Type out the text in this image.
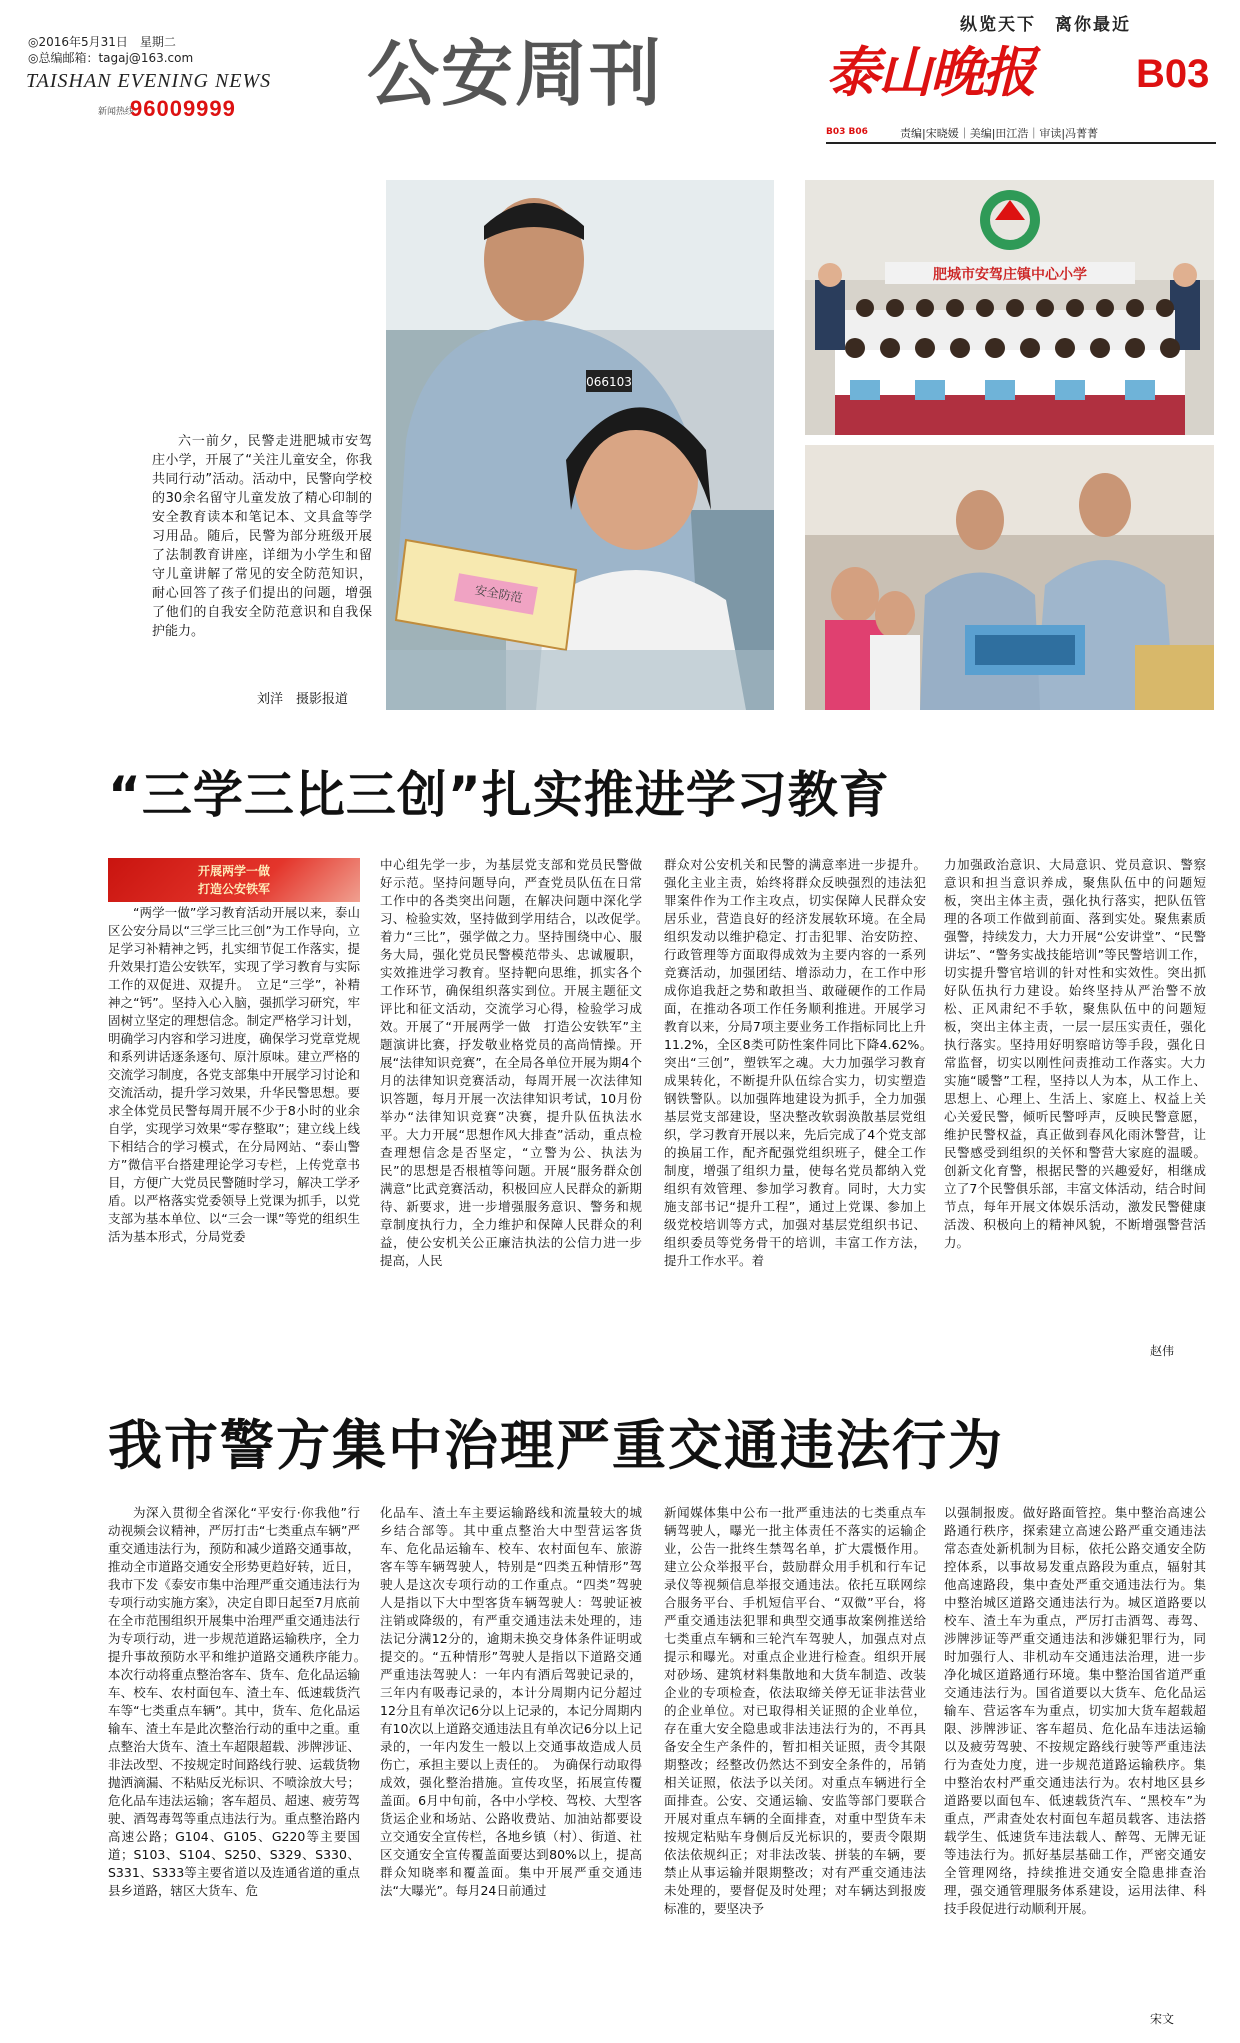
◎2016年5月31日　星期二
◎总编邮箱：tagaj@163.com
TAISHAN EVENING NEWS
新闻热线
96009999 公安周刊
纵览天下　离你最近
泰山晚报	B03
B03 B06	责编|宋晓媛｜美编|田江浩｜审读|冯菁菁
066103
安全防范
肥城市安驾庄镇中心小学
六一前夕，民警走进肥城市安驾庄小学，开展了“关注儿童安全，你我共同行动”活动。活动中，民警向学校的30余名留守儿童发放了精心印制的安全教育读本和笔记本、文具盒等学习用品。随后，民警为部分班级开展了法制教育讲座，详细为小学生和留守儿童讲解了常见的安全防范知识，耐心回答了孩子们提出的问题，增强了他们的自我安全防范意识和自我保护能力。
刘洋　摄影报道
“三学三比三创”扎实推进学习教育
开展两学一做
打造公安铁军

“两学一做”学习教育活动开展以来，泰山区公安分局以“三学三比三创”为工作导向，立足学习补精神之钙，扎实细节促工作落实，提升效果打造公安铁军，实现了学习教育与实际工作的双促进、双提升。　立足“三学”，补精神之“钙”。坚持入心入脑，强抓学习研究，牢固树立坚定的理想信念。制定严格学习计划，明确学习内容和学习进度，确保学习党章党规和系列讲话逐条逐句、原汁原味。建立严格的交流学习制度，各党支部集中开展学习讨论和交流活动，提升学习效果，升华民警思想。要求全体党员民警每周开展不少于8小时的业余自学，实现学习效果“零存整取”；建立线上线下相结合的学习模式，在分局网站、“泰山警方”微信平台搭建理论学习专栏，上传党章书目，方便广大党员民警随时学习，解决工学矛盾。以严格落实党委领导上党课为抓手，以党支部为基本单位、以“三会一课”等党的组织生活为基本形式，分局党委

中心组先学一步，为基层党支部和党员民警做好示范。坚持问题导向，严查党员队伍在日常工作中的各类突出问题，在解决问题中深化学习、检验实效，坚持做到学用结合，以改促学。　着力“三比”，强学做之力。坚持围绕中心、服务大局，强化党员民警模范带头、忠诚履职，实效推进学习教育。坚持靶向思维，抓实各个工作环节，确保组织落实到位。开展主题征文评比和征文活动，交流学习心得，检验学习成效。开展了“开展两学一做　打造公安铁军”主题演讲比赛，抒发敬业格党员的高尚情操。开展“法律知识竞赛”，在全局各单位开展为期4个月的法律知识竞赛活动，每周开展一次法律知识答题，每月开展一次法律知识考试，10月份举办“法律知识竞赛”决赛，提升队伍执法水平。大力开展“思想作风大排查”活动，重点检查理想信念是否坚定，“立警为公、执法为民”的思想是否根植等问题。开展“服务群众创满意”比武竞赛活动，积极回应人民群众的新期待、新要求，进一步增强服务意识、警务和规章制度执行力，全力维护和保障人民群众的利益，使公安机关公正廉洁执法的公信力进一步提高，人民

群众对公安机关和民警的满意率进一步提升。强化主业主责，始终将群众反映强烈的违法犯罪案件作为工作主攻点，切实保障人民群众安居乐业，营造良好的经济发展软环境。在全局组织发动以维护稳定、打击犯罪、治安防控、行政管理等方面取得成效为主要内容的一系列竞赛活动，加强团结、增添动力，在工作中形成你追我赶之势和敢担当、敢碰硬作的工作局面，在推动各项工作任务顺利推进。开展学习教育以来，分局7项主要业务工作指标同比上升11.2%，全区8类可防性案件同比下降4.62%。　突出“三创”，塑铁军之魂。大力加强学习教育成果转化，不断提升队伍综合实力，切实塑造钢铁警队。以加强阵地建设为抓手，全力加强基层党支部建设，坚决整改软弱涣散基层党组织，学习教育开展以来，先后完成了4个党支部的换届工作，配齐配强党组织班子，健全工作制度，增强了组织力量，使每名党员都纳入党组织有效管理、参加学习教育。同时，大力实施支部书记“提升工程”，通过上党课、参加上级党校培训等方式，加强对基层党组织书记、组织委员等党务骨干的培训，丰富工作方法，提升工作水平。着

力加强政治意识、大局意识、党员意识、警察意识和担当意识养成，聚焦队伍中的问题短板，突出主体主责，强化执行落实，把队伍管理的各项工作做到前面、落到实处。聚焦素质强警，持续发力，大力开展“公安讲堂”、“民警讲坛”、“警务实战技能培训”等民警培训工作，切实提升警官培训的针对性和实效性。突出抓好队伍执行力建设。始终坚持从严治警不放松、正风肃纪不手软，聚焦队伍中的问题短板，突出主体主责，一层一层压实责任，强化执行落实。坚持用好明察暗访等手段，强化日常监督，切实以刚性问责推动工作落实。大力实施“暖警”工程，坚持以人为本，从工作上、思想上、心理上、生活上、家庭上、权益上关心关爱民警，倾听民警呼声，反映民警意愿，维护民警权益，真正做到春风化雨沐警营，让民警感受到组织的关怀和警营大家庭的温暖。创新文化育警，根据民警的兴趣爱好，相继成立了7个民警俱乐部，丰富文体活动，结合时间节点，每年开展文体娱乐活动，激发民警健康活泼、积极向上的精神风貌，不断增强警营活力。

赵伟
我市警方集中治理严重交通违法行为

为深入贯彻全省深化“平安行·你我他”行动视频会议精神，严厉打击“七类重点车辆”严重交通违法行为，预防和减少道路交通事故，推动全市道路交通安全形势更趋好转，近日，我市下发《泰安市集中治理严重交通违法行为专项行动实施方案》，决定自即日起至7月底前在全市范围组织开展集中治理严重交通违法行为专项行动，进一步规范道路运输秩序，全力提升事故预防水平和维护道路交通秩序能力。　本次行动将重点整治客车、货车、危化品运输车、校车、农村面包车、渣土车、低速载货汽车等“七类重点车辆”。其中，货车、危化品运输车、渣土车是此次整治行动的重中之重。重点整治大货车、渣土车超限超载、涉牌涉证、非法改型、不按规定时间路线行驶、运载货物抛洒滴漏、不粘贴反光标识、不喷涂放大号；危化品车违法运输；客车超员、超速、疲劳驾驶、酒驾毒驾等重点违法行为。重点整治路内高速公路；G104、G105、G220等主要国道；S103、S104、S250、S329、S330、S331、S333等主要省道以及连通省道的重点县乡道路，辖区大货车、危

化品车、渣土车主要运输路线和流量较大的城乡结合部等。其中重点整治大中型营运客货车、危化品运输车、校车、农村面包车、旅游客车等车辆驾驶人，特别是“四类五种情形”驾驶人是这次专项行动的工作重点。“四类”驾驶人是指以下大中型客货车辆驾驶人：驾驶证被注销或降级的，有严重交通违法未处理的，违法记分满12分的，逾期未换交身体条件证明或提交的。“五种情形”驾驶人是指以下道路交通严重违法驾驶人：一年内有酒后驾驶记录的，三年内有吸毒记录的，本计分周期内记分超过12分且有单次记6分以上记录的，本记分周期内有10次以上道路交通违法且有单次记6分以上记录的，一年内发生一般以上交通事故造成人员伤亡，承担主要以上责任的。　为确保行动取得成效，强化整治措施。宣传攻坚，拓展宣传覆盖面。6月中旬前，各中小学校、驾校、大型客货运企业和场站、公路收费站、加油站都要设立交通安全宣传栏，各地乡镇（村）、街道、社区交通安全宣传覆盖面要达到80%以上，提高群众知晓率和覆盖面。集中开展严重交通违法“大曝光”。每月24日前通过

新闻媒体集中公布一批严重违法的七类重点车辆驾驶人，曝光一批主体责任不落实的运输企业，公告一批终生禁驾名单，扩大震慑作用。建立公众举报平台，鼓励群众用手机和行车记录仪等视频信息举报交通违法。依托互联网综合服务平台、手机短信平台、“双微”平台，将严重交通违法犯罪和典型交通事故案例推送给七类重点车辆和三轮汽车驾驶人，加强点对点提示和曝光。对重点企业进行检查。组织开展对砂场、建筑材料集散地和大货车制造、改装企业的专项检查，依法取缔关停无证非法营业的企业单位。对已取得相关证照的企业单位，存在重大安全隐患或非法违法行为的，不再具备安全生产条件的，暂扣相关证照，责令其限期整改；经整改仍然达不到安全条件的，吊销相关证照，依法予以关闭。对重点车辆进行全面排查。公安、交通运输、安监等部门要联合开展对重点车辆的全面排查，对重中型货车未按规定粘贴车身侧后反光标识的，要责令限期依法依规纠正；对非法改装、拼装的车辆，要禁止从事运输并限期整改；对有严重交通违法未处理的，要督促及时处理；对车辆达到报废标准的，要坚决予

以强制报废。做好路面管控。集中整治高速公路通行秩序，探索建立高速公路严重交通违法常态查处新机制为目标，依托公路交通安全防控体系，以事故易发重点路段为重点，辐射其他高速路段，集中查处严重交通违法行为。集中整治城区道路交通违法行为。城区道路要以校车、渣土车为重点，严厉打击酒驾、毒驾、涉牌涉证等严重交通违法和涉嫌犯罪行为，同时加强行人、非机动车交通违法治理，进一步净化城区道路通行环境。集中整治国省道严重交通违法行为。国省道要以大货车、危化品运输车、营运客车为重点，切实加大货车超载超限、涉牌涉证、客车超员、危化品车违法运输以及疲劳驾驶、不按规定路线行驶等严重违法行为查处力度，进一步规范道路运输秩序。集中整治农村严重交通违法行为。农村地区县乡道路要以面包车、低速载货汽车、“黑校车”为重点，严肃查处农村面包车超员载客、违法搭载学生、低速货车违法载人、醉驾、无牌无证等违法行为。抓好基层基础工作，严密交通安全管理网络，持续推进交通安全隐患排查治理，强交通管理服务体系建设，运用法律、科技手段促进行动顺利开展。

宋文
